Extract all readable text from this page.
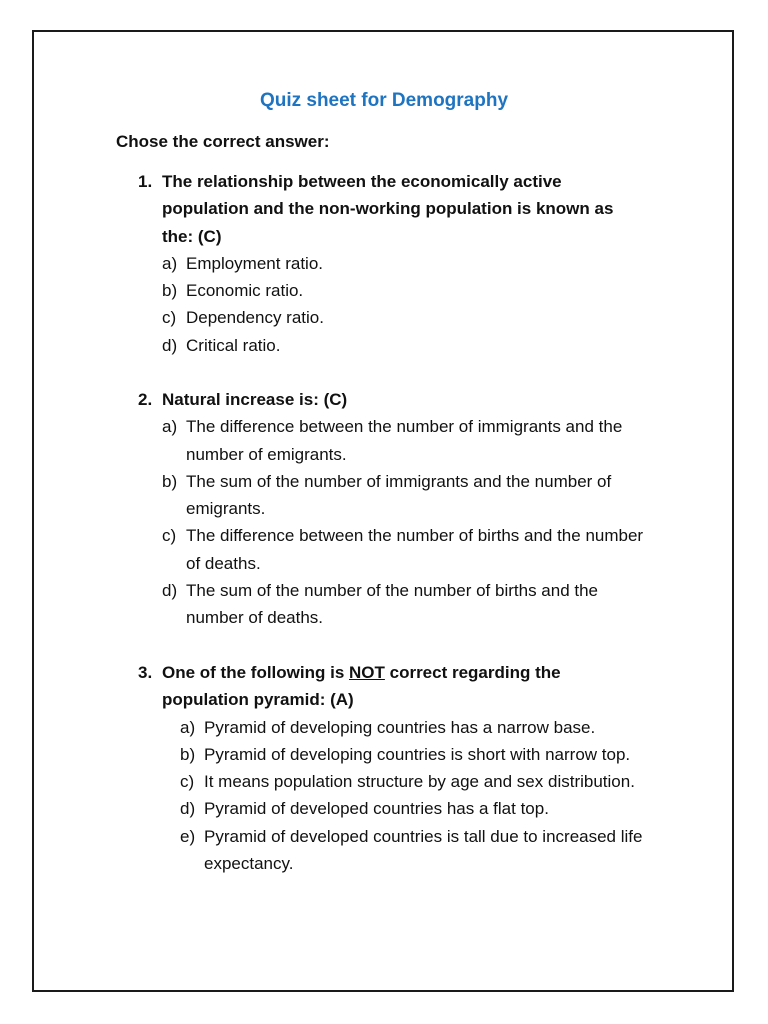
Quiz sheet for Demography
Chose the correct answer:
1. The relationship between the economically active population and the non-working population is known as the: (C)
a) Employment ratio.
b) Economic ratio.
c) Dependency ratio.
d) Critical ratio.
2. Natural increase is: (C)
a) The difference between the number of immigrants and the number of emigrants.
b) The sum of the number of immigrants and the number of emigrants.
c) The difference between the number of births and the number of deaths.
d) The sum of the number of the number of births and the number of deaths.
3. One of the following is NOT correct regarding the population pyramid: (A)
a) Pyramid of developing countries has a narrow base.
b) Pyramid of developing countries is short with narrow top.
c) It means population structure by age and sex distribution.
d) Pyramid of developed countries has a flat top.
e) Pyramid of developed countries is tall due to increased life expectancy.
